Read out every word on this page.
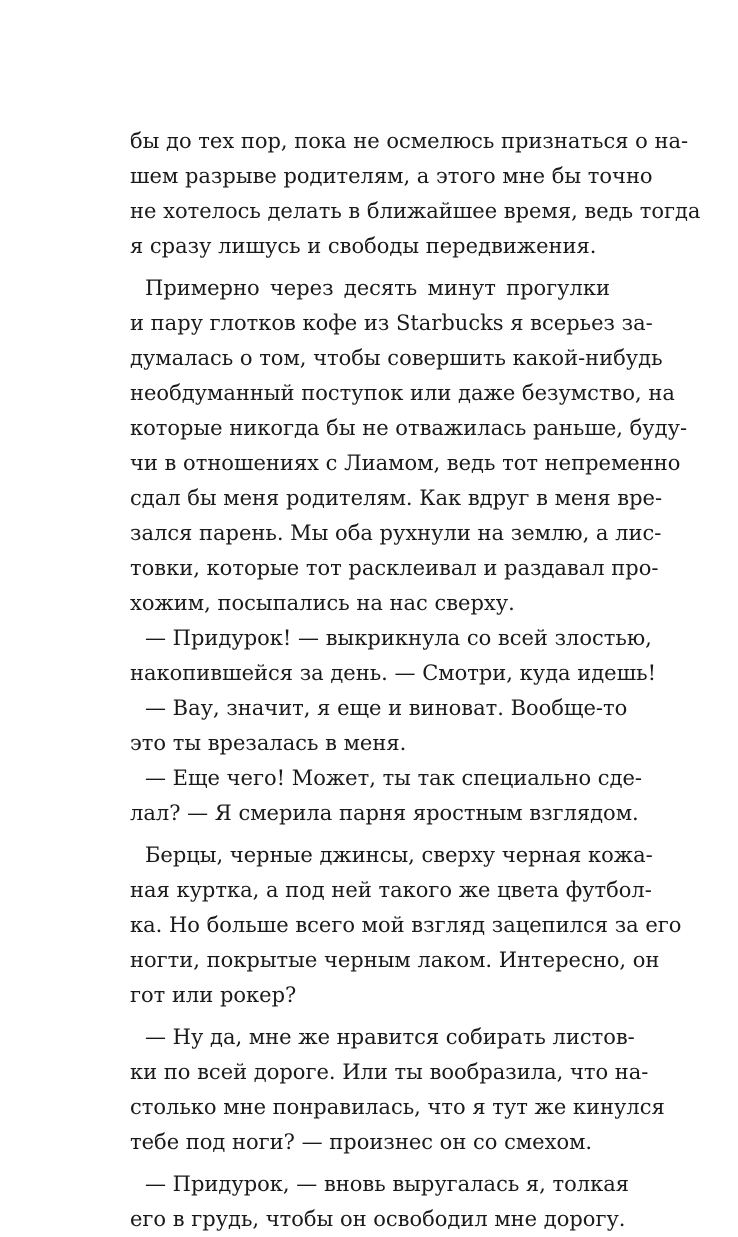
бы до тех пор, пока не осмелюсь признаться о на-
шем разрыве родителям, а этого мне бы точно
не хотелось делать в ближайшее время, ведь тогда
я сразу лишусь и свободы передвижения.
Примерно через десять минут прогулки
и пару глотков кофе из Starbucks я всерьез за-
думалась о том, чтобы совершить какой-нибудь
необдуманный поступок или даже безумство, на
которые никогда бы не отважилась раньше, буду-
чи в отношениях с Лиамом, ведь тот непременно
сдал бы меня родителям. Как вдруг в меня вре-
зался парень. Мы оба рухнули на землю, а лис-
товки, которые тот расклеивал и раздавал про-
хожим, посыпались на нас сверху.
— Придурок! — выкрикнула со всей злостью,
накопившейся за день. — Смотри, куда идешь!
— Вау, значит, я еще и виноват. Вообще-то
это ты врезалась в меня.
— Еще чего! Может, ты так специально сде-
лал? — Я смерила парня яростным взглядом.
Берцы, черные джинсы, сверху черная кожа-
ная куртка, а под ней такого же цвета футбол-
ка. Но больше всего мой взгляд зацепился за его
ногти, покрытые черным лаком. Интересно, он
гот или рокер?
— Ну да, мне же нравится собирать листов-
ки по всей дороге. Или ты вообразила, что на-
столько мне понравилась, что я тут же кинулся
тебе под ноги? — произнес он со смехом.
— Придурок, — вновь выругалась я, толкая
его в грудь, чтобы он освободил мне дорогу.
